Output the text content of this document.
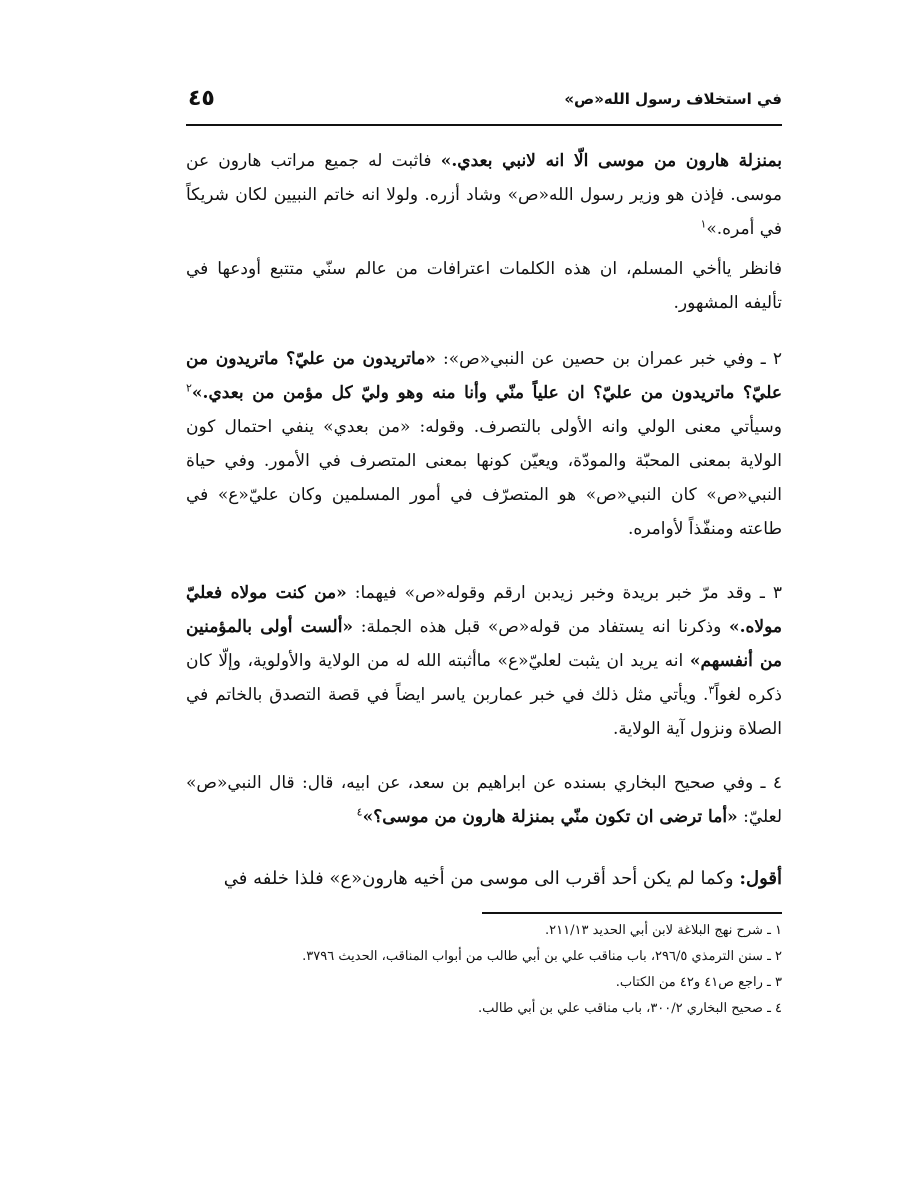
في استخلاف رسول الله«ص»
٤٥

بمنزلة هارون من موسى الّا انه لانبي بعدي.» فاثبت له جميع مراتب هارون عن موسى. فإذن هو وزير رسول الله«ص» وشاد أزره. ولولا انه خاتم النبيين لكان شريكاً في أمره.»$^١$

فانظر ياأخي المسلم، ان هذه الكلمات اعترافات من عالم سنّي متتبع أودعها في تأليفه المشهور.

٢ ـ وفي خبر عمران بن حصين عن النبي«ص»: «ماتريدون من عليّ؟ ماتريدون من عليّ؟ ماتريدون من عليّ؟ ان علياً منّي وأنا منه وهو وليّ كل مؤمن من بعدي.»$^٢$ وسيأتي معنى الولي وانه الأولى بالتصرف. وقوله: «من بعدي» ينفي احتمال كون الولاية بمعنى المحبّة والمودّة، ويعيّن كونها بمعنى المتصرف في الأمور. وفي حياة النبي«ص» كان النبي«ص» هو المتصرّف في أمور المسلمين وكان عليّ«ع» في طاعته ومنفّذاً لأوامره.

٣ ـ وقد مرّ خبر بريدة وخبر زيدبن ارقم وقوله«ص» فيهما: «من كنت مولاه فعليّ مولاه.» وذكرنا انه يستفاد من قوله«ص» قبل هذه الجملة: «ألست أولى بالمؤمنين من أنفسهم» انه يريد ان يثبت لعليّ«ع» ماأثبته الله له من الولاية والأولوية، وإلّا كان ذكره لغواً$^٣$. ويأتي مثل ذلك في خبر عماربن ياسر ايضاً في قصة التصدق بالخاتم في الصلاة ونزول آية الولاية.

٤ ـ وفي صحيح البخاري بسنده عن ابراهيم بن سعد، عن ابيه، قال: قال النبي«ص» لعليّ: «أما ترضى ان تكون منّي بمنزلة هارون من موسى؟»$^٤$

أقول: وكما لم يكن أحد أقرب الى موسى من أخيه هارون«ع» فلذا خلفه في

١ ـ شرح نهج البلاغة لابن أبي الحديد ٢١١/١٣.
٢ ـ سنن الترمذي ٢٩٦/٥، باب مناقب علي بن أبي طالب من أبواب المناقب، الحديث ٣٧٩٦.
٣ ـ راجع ص٤١ و٤٢ من الكتاب.
٤ ـ صحيح البخاري ٣٠٠/٢، باب مناقب علي بن أبي طالب.
